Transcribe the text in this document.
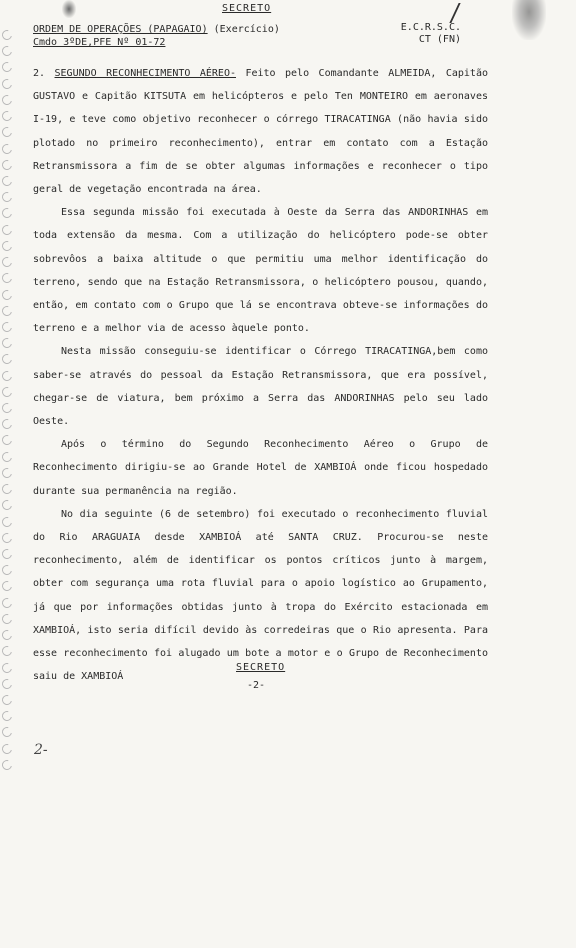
SECRETO
ORDEM DE OPERAÇÕES (PAPAGAIO) (Exercício)
Cmdo 3ºDE,PFE Nº 01-72
E.C.R.S.C.
CT (FN)

2. SEGUNDO RECONHECIMENTO AÉREO- Feito pelo Comandante ALMEIDA, Capitão GUSTAVO e Capitão KITSUTA em helicópteros e pelo Ten MONTEIRO em aeronaves I-19, e teve como objetivo reconhecer o córrego TIRACATINGA (não havia sido plotado no primeiro reconhecimento), entrar em contato com a Estação Retransmissora a fim de se obter algumas informações e reconhecer o tipo geral de vegetação encontrada na área.

Essa segunda missão foi executada à Oeste da Serra das ANDORINHAS em toda extensão da mesma. Com a utilização do helicóptero pode-se obter sobrevôos a baixa altitude o que permitiu uma melhor identificação do terreno, sendo que na Estação Retransmissora, o helicóptero pousou, quando, então, em contato com o Grupo que lá se encontrava obteve-se informações do terreno e a melhor via de acesso àquele ponto.

Nesta missão conseguiu-se identificar o Córrego TIRACATINGA,bem como saber-se através do pessoal da Estação Retransmissora, que era possível, chegar-se de viatura, bem próximo a Serra das ANDORINHAS pelo seu lado Oeste.

Após o término do Segundo Reconhecimento Aéreo o Grupo de Reconhecimento dirigiu-se ao Grande Hotel de XAMBIOÁ onde ficou hospedado durante sua permanência na região.

No dia seguinte (6 de setembro) foi executado o reconhecimento fluvial do Rio ARAGUAIA desde XAMBIOÁ até SANTA CRUZ. Procurou-se neste reconhecimento, além de identificar os pontos críticos junto à margem, obter com segurança uma rota fluvial para o apoio logístico ao Grupamento, já que por informações obtidas junto à tropa do Exército estacionada em XAMBIOÁ, isto seria difícil devido às corredeiras que o Rio apresenta. Para esse reconhecimento foi alugado um bote a motor e o Grupo de Reconhecimento saiu de XAMBIOÁ

SECRETO
-2-
2-
